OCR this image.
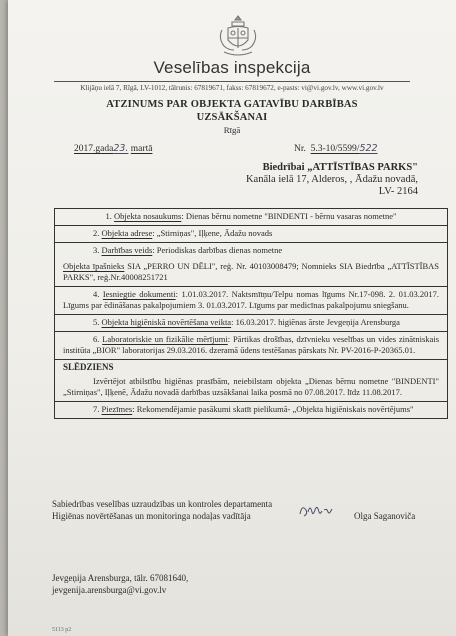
Veselības inspekcija
Klijāņu ielā 7, Rīgā, LV-1012, tālrunis: 67819671, fakss: 67819672, e-pasts: vi@vi.gov.lv, www.vi.gov.lv
ATZINUMS PAR OBJEKTA GATAVĪBU DARBĪBAS
UZSĀKŠANAI
Rīgā
2017.gada23. martā	Nr. 5.3-10/5599/522
Biedrībai „ATTĪSTĪBAS PARKS"
Kanāla ielā 17, Alderos, , Ādažu novadā,
LV- 2164
1. Objekta nosaukums: Dienas bērnu nometne "BINDENTI - bērnu vasaras nometne"
2. Objekta adrese: „Stirniņas", Iļķene, Ādažu novads
3. Darbības veids: Periodiskas darbības dienas nometne
Objekta īpašnieks SIA „PERRO UN DĒLI", reģ. Nr. 40103008479; Nomnieks SIA Biedrība „ATTĪSTĪBAS PARKS", reģ.Nr.40008251721
4. Iesniegtie dokumenti: 1.01.03.2017. Naktsmītņu/Telpu nomas līgums Nr.17-098. 2. 01.03.2017. Līgums par ēdināšanas pakalpojumiem 3. 01.03.2017. Līgums par medicīnas pakalpojumu sniegšanu.
5. Objekta higiēniskā novērtēšana veikta: 16.03.2017. higiēnas ārste Jevgeņija Arensburga
6. Laboratoriskie un fizikālie mērījumi: Pārtikas drošības, dzīvnieku veselības un vides zinātniskais institūta „BIOR" laboratorijas 29.03.2016. dzeramā ūdens testēšanas pārskats Nr. PV-2016-P-20365.01.
SLĒDZIENS
Izvērtējot atbilstību higiēnas prasībām, neiebilstam objekta „Dienas bērnu nometne "BINDENTI" „Stirniņas", Iļķenē, Ādažu novadā darbības uzsākšanai laika posmā no 07.08.2017. līdz 11.08.2017.
7. Piezīmes: Rekomendējamie pasākumi skatīt pielikumā- „Objekta higiēniskais novērtējums"
Sabiedrības veselības uzraudzības un kontroles departamenta
Higiēnas novērtēšanas un monitoringa nodaļas vadītāja	Olga Saganoviča
Jevgeņija Arensburga, tālr. 67081640,
jevgenija.arensburga@vi.gov.lv
5113 p2
